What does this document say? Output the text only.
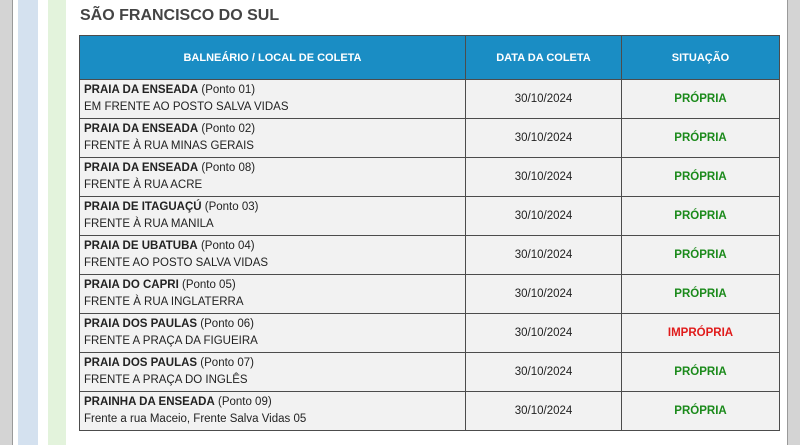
SÃO FRANCISCO DO SUL
BALNEÁRIO / LOCAL DE COLETA	DATA DA COLETA	SITUAÇÃO
PRAIA DA ENSEADA (Ponto 01)
EM FRENTE AO POSTO SALVA VIDAS	30/10/2024	PRÓPRIA
PRAIA DA ENSEADA (Ponto 02)
FRENTE À RUA MINAS GERAIS	30/10/2024	PRÓPRIA
PRAIA DA ENSEADA (Ponto 08)
FRENTE À RUA ACRE	30/10/2024	PRÓPRIA
PRAIA DE ITAGUAÇÚ (Ponto 03)
FRENTE À RUA MANILA	30/10/2024	PRÓPRIA
PRAIA DE UBATUBA (Ponto 04)
FRENTE AO POSTO SALVA VIDAS	30/10/2024	PRÓPRIA
PRAIA DO CAPRI (Ponto 05)
FRENTE À RUA INGLATERRA	30/10/2024	PRÓPRIA
PRAIA DOS PAULAS (Ponto 06)
FRENTE A PRAÇA DA FIGUEIRA	30/10/2024	IMPRÓPRIA
PRAIA DOS PAULAS (Ponto 07)
FRENTE A PRAÇA DO INGLÊS	30/10/2024	PRÓPRIA
PRAINHA DA ENSEADA (Ponto 09)
Frente a rua Maceio, Frente Salva Vidas 05	30/10/2024	PRÓPRIA
